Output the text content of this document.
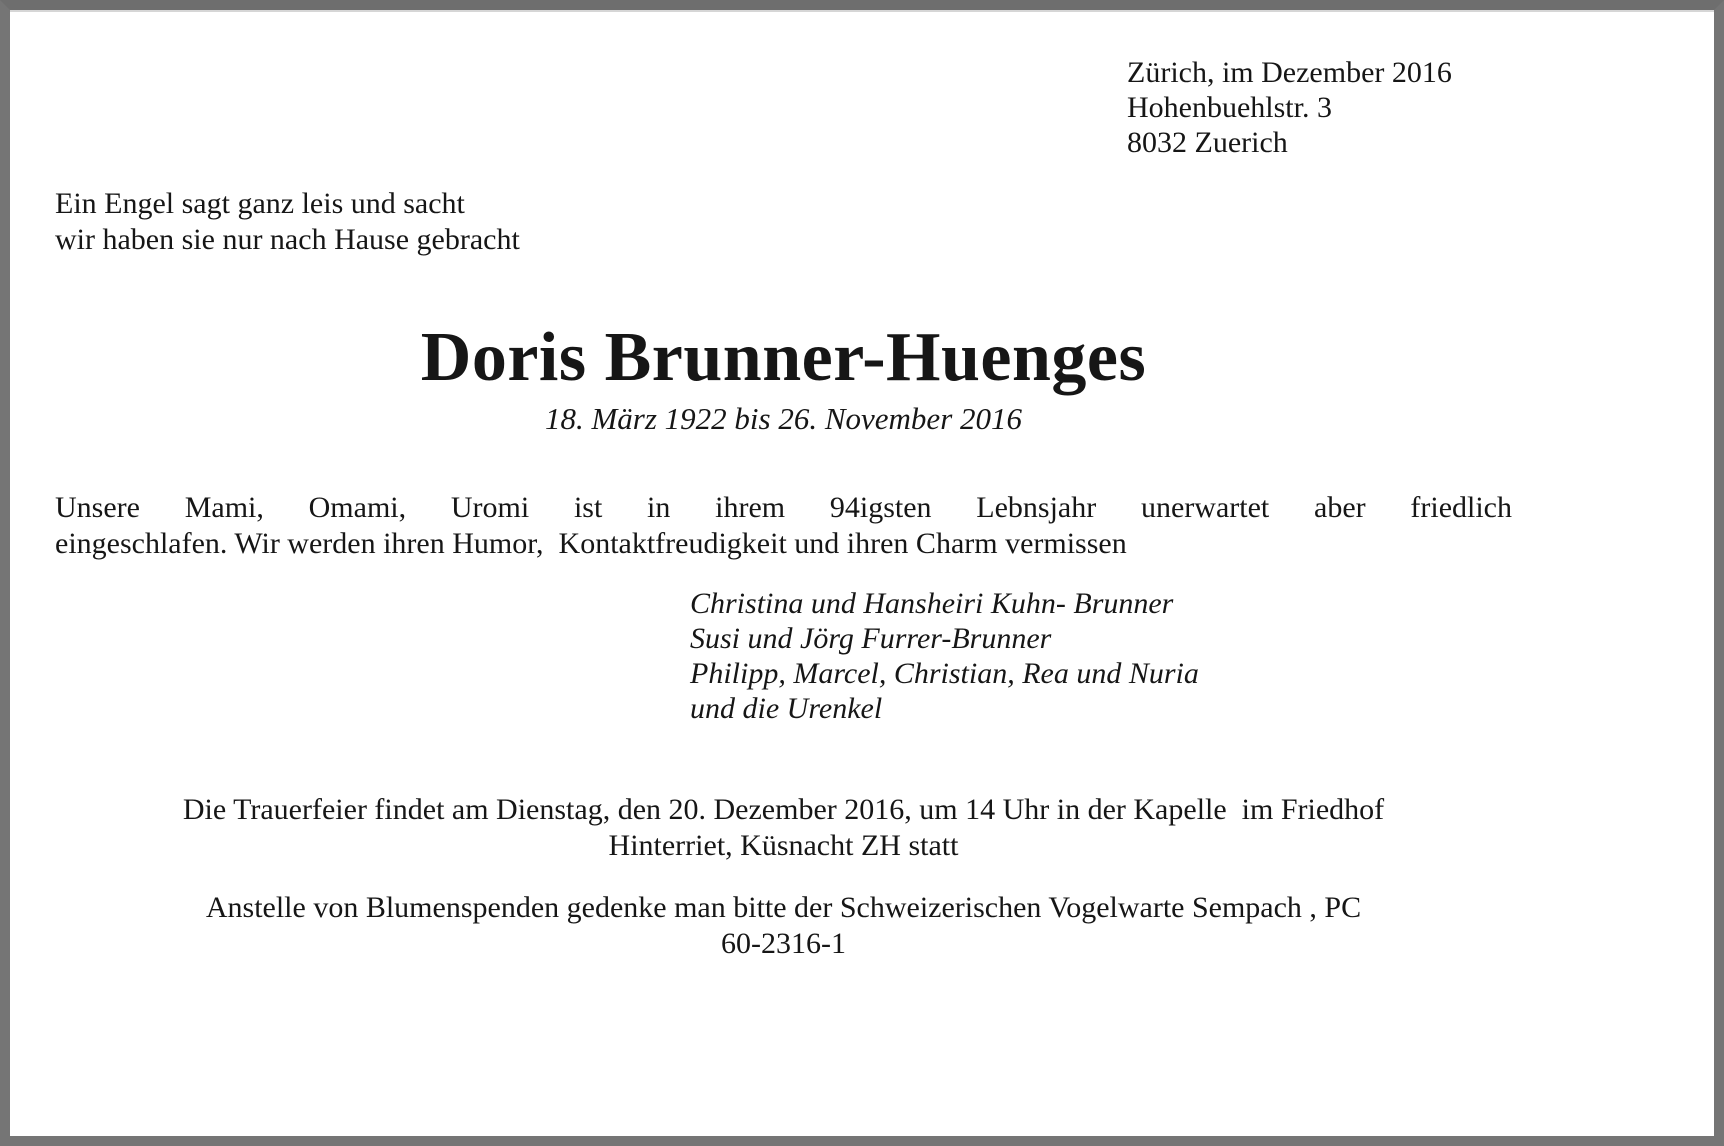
Zürich, im Dezember 2016
Hohenbuehlstr. 3
8032 Zuerich
Ein Engel sagt ganz leis und sacht
wir haben sie nur nach Hause gebracht
Doris Brunner-Huenges
18. März 1922 bis 26. November 2016
Unsere Mami, Omami, Uromi ist in ihrem 94igsten Lebnsjahr unerwartet aber friedlich
eingeschlafen. Wir werden ihren Humor,  Kontaktfreudigkeit und ihren Charm vermissen
Christina und Hansheiri Kuhn- Brunner
Susi und Jörg Furrer-Brunner
Philipp, Marcel, Christian, Rea und Nuria
und die Urenkel
Die Trauerfeier findet am Dienstag, den 20. Dezember 2016, um 14 Uhr in der Kapelle  im Friedhof
Hinterriet, Küsnacht ZH statt
Anstelle von Blumenspenden gedenke man bitte der Schweizerischen Vogelwarte Sempach , PC
60-2316-1
